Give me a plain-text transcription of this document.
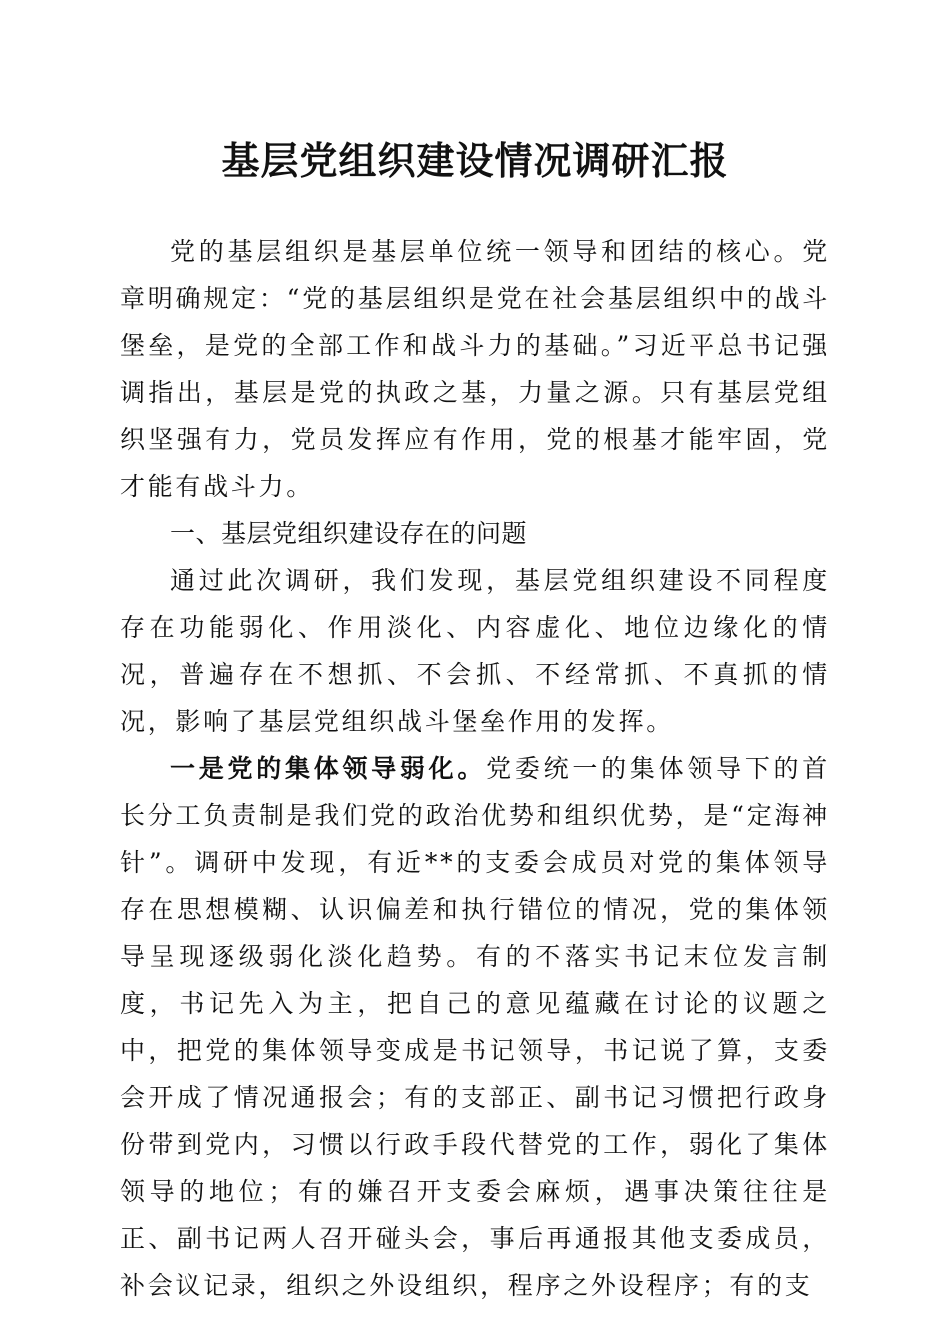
基层党组织建设情况调研汇报

党的基层组织是基层单位统一领导和团结的核心。党章明确规定：“党的基层组织是党在社会基层组织中的战斗堡垒，是党的全部工作和战斗力的基础。”习近平总书记强调指出，基层是党的执政之基，力量之源。只有基层党组织坚强有力，党员发挥应有作用，党的根基才能牢固，党才能有战斗力。

一、基层党组织建设存在的问题

通过此次调研，我们发现，基层党组织建设不同程度存在功能弱化、作用淡化、内容虚化、地位边缘化的情况，普遍存在不想抓、不会抓、不经常抓、不真抓的情况，影响了基层党组织战斗堡垒作用的发挥。

一是党的集体领导弱化。党委统一的集体领导下的首长分工负责制是我们党的政治优势和组织优势，是“定海神针”。调研中发现，有近**的支委会成员对党的集体领导存在思想模糊、认识偏差和执行错位的情况，党的集体领导呈现逐级弱化淡化趋势。有的不落实书记末位发言制度，书记先入为主，把自己的意见蕴藏在讨论的议题之中，把党的集体领导变成是书记领导，书记说了算，支委会开成了情况通报会；有的支部正、副书记习惯把行政身份带到党内，习惯以行政手段代替党的工作，弱化了集体领导的地位；有的嫌召开支委会麻烦，遇事决策往往是正、副书记两人召开碰头会，事后再通报其他支委成员，补会议记录，组织之外设组织，程序之外设程序；有的支
